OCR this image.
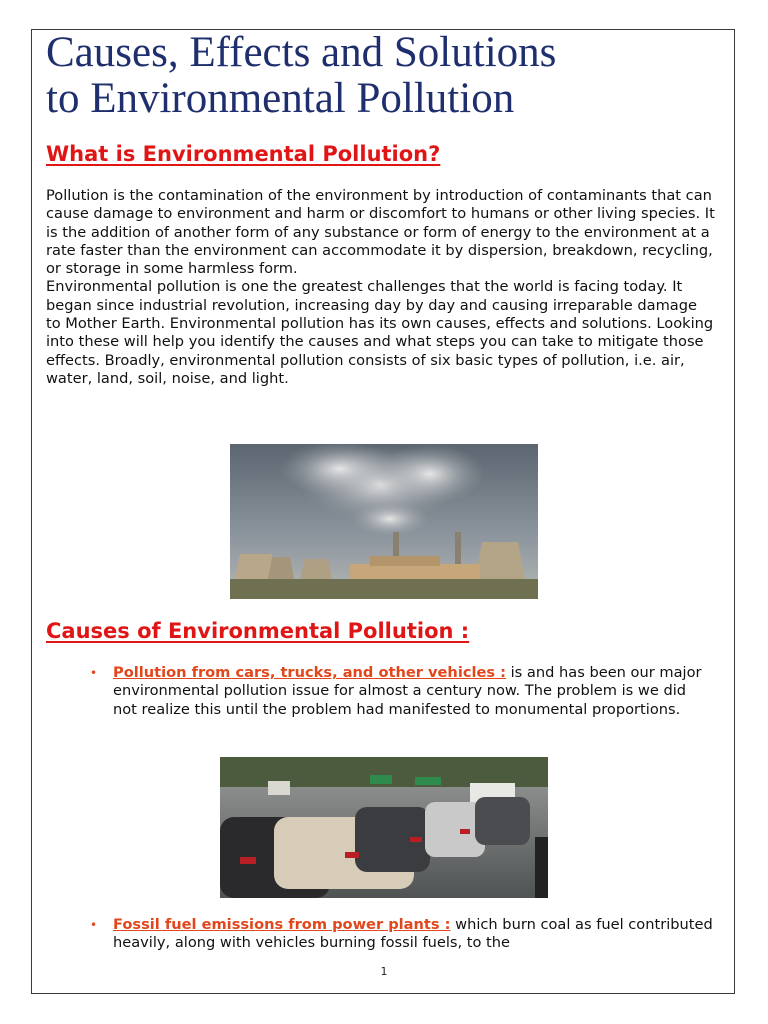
Causes, Effects and Solutions
to Environmental Pollution
What is Environmental Pollution?

Pollution is the contamination of the environment by introduction of contaminants that can cause damage to environment and harm or discomfort to humans or other living species. It is the addition of another form of any substance or form of energy to the environment at a rate faster than the environment can accommodate it by dispersion, breakdown, recycling, or storage in some harmless form.
Environmental pollution is one the greatest challenges that the world is facing today. It began since industrial revolution, increasing day by day and causing irreparable damage to Mother Earth. Environmental pollution has its own causes, effects and solutions. Looking into these will help you identify the causes and what steps you can take to mitigate those effects. Broadly, environmental pollution consists of six basic types of pollution, i.e. air, water, land, soil, noise, and light.

Causes of Environmental Pollution :
• Pollution from cars, trucks, and other vehicles : is and has been our major environmental pollution issue for almost a century now. The problem is we did not realize this until the problem had manifested to monumental proportions.
• Fossil fuel emissions from power plants : which burn coal as fuel contributed heavily, along with vehicles burning fossil fuels, to the
1
